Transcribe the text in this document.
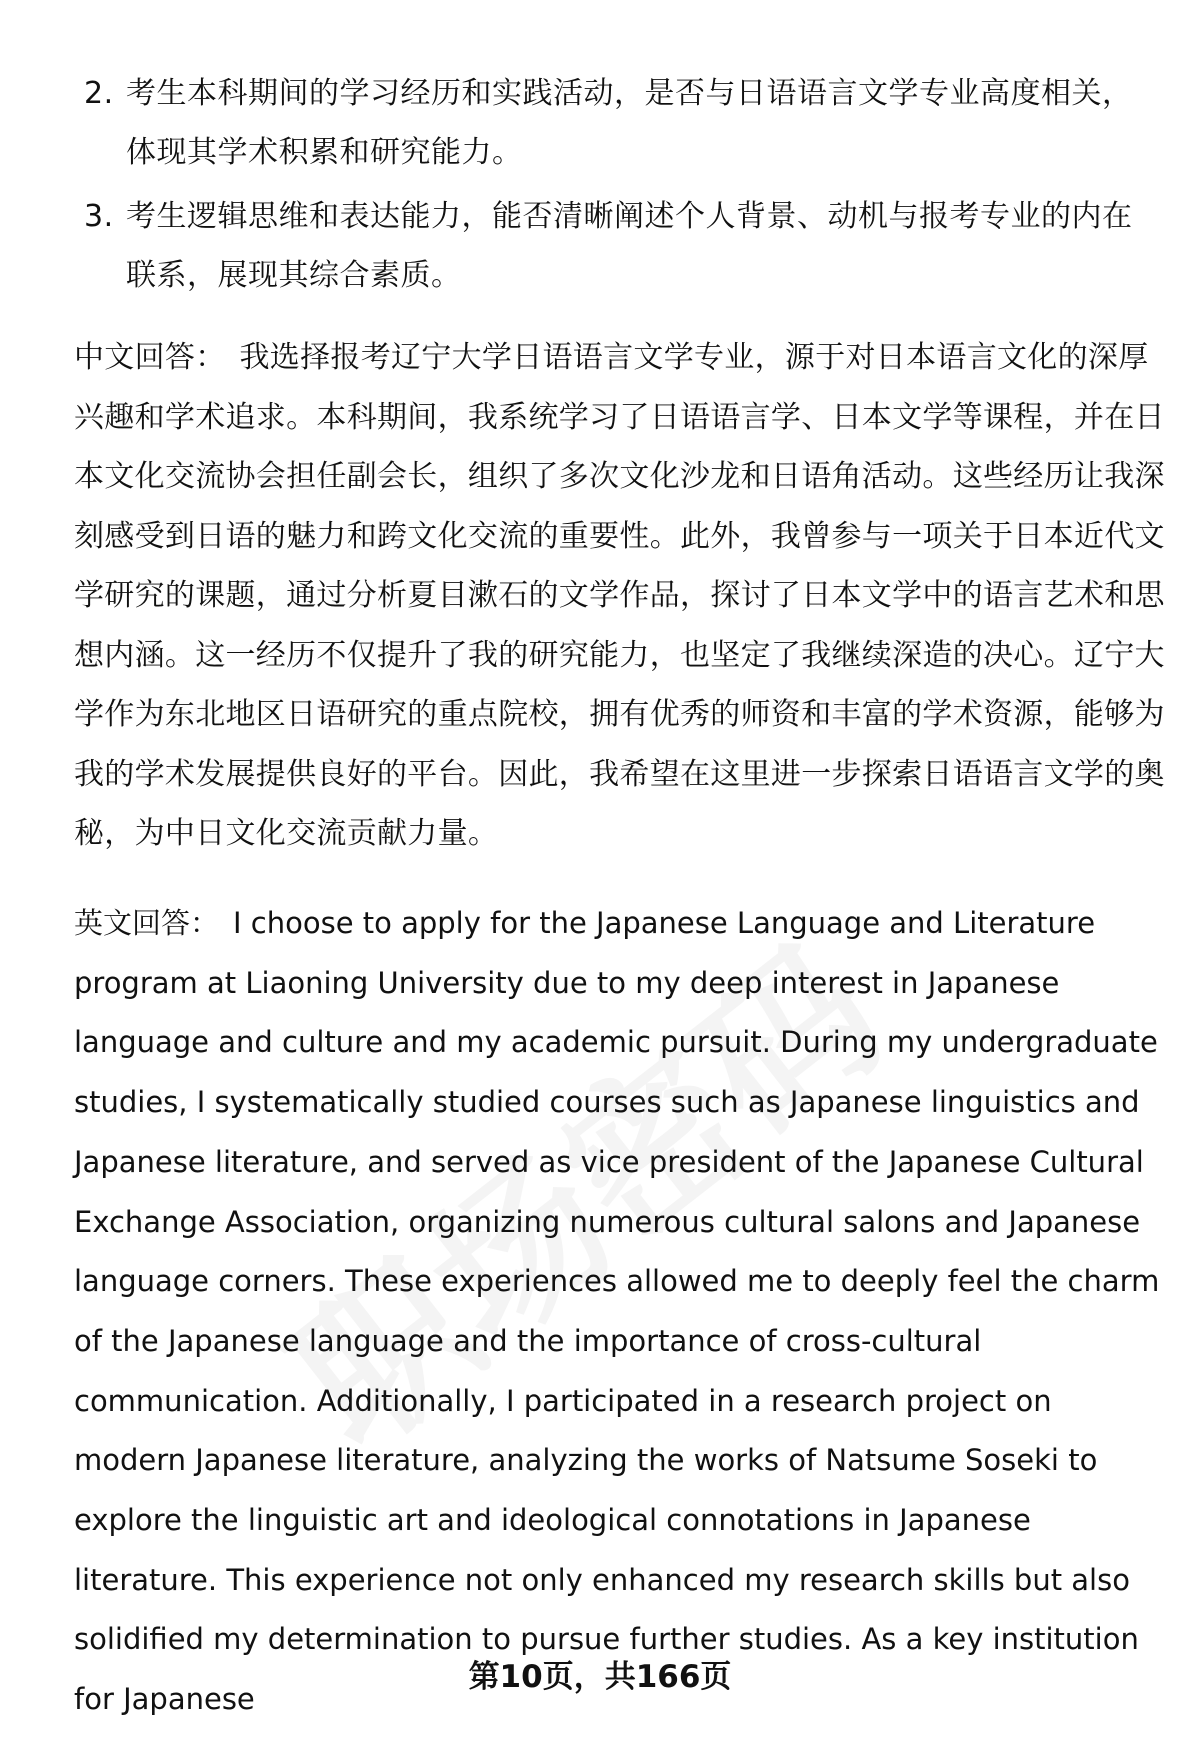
2. 考生本科期间的学习经历和实践活动，是否与日语语言文学专业高度相关，体现其学术积累和研究能力。
3. 考生逻辑思维和表达能力，能否清晰阐述个人背景、动机与报考专业的内在联系，展现其综合素质。

中文回答： 我选择报考辽宁大学日语语言文学专业，源于对日本语言文化的深厚兴趣和学术追求。本科期间，我系统学习了日语语言学、日本文学等课程，并在日本文化交流协会担任副会长，组织了多次文化沙龙和日语角活动。这些经历让我深刻感受到日语的魅力和跨文化交流的重要性。此外，我曾参与一项关于日本近代文学研究的课题，通过分析夏目漱石的文学作品，探讨了日本文学中的语言艺术和思想内涵。这一经历不仅提升了我的研究能力，也坚定了我继续深造的决心。辽宁大学作为东北地区日语研究的重点院校，拥有优秀的师资和丰富的学术资源，能够为我的学术发展提供良好的平台。因此，我希望在这里进一步探索日语语言文学的奥秘，为中日文化交流贡献力量。

英文回答： I choose to apply for the Japanese Language and Literature program at Liaoning University due to my deep interest in Japanese language and culture and my academic pursuit. During my undergraduate studies, I systematically studied courses such as Japanese linguistics and Japanese literature, and served as vice president of the Japanese Cultural Exchange Association, organizing numerous cultural salons and Japanese language corners. These experiences allowed me to deeply feel the charm of the Japanese language and the importance of cross-cultural communication. Additionally, I participated in a research project on modern Japanese literature, analyzing the works of Natsume Soseki to explore the linguistic art and ideological connotations in Japanese literature. This experience not only enhanced my research skills but also solidified my determination to pursue further studies. As a key institution for Japanese

第10页，共166页
